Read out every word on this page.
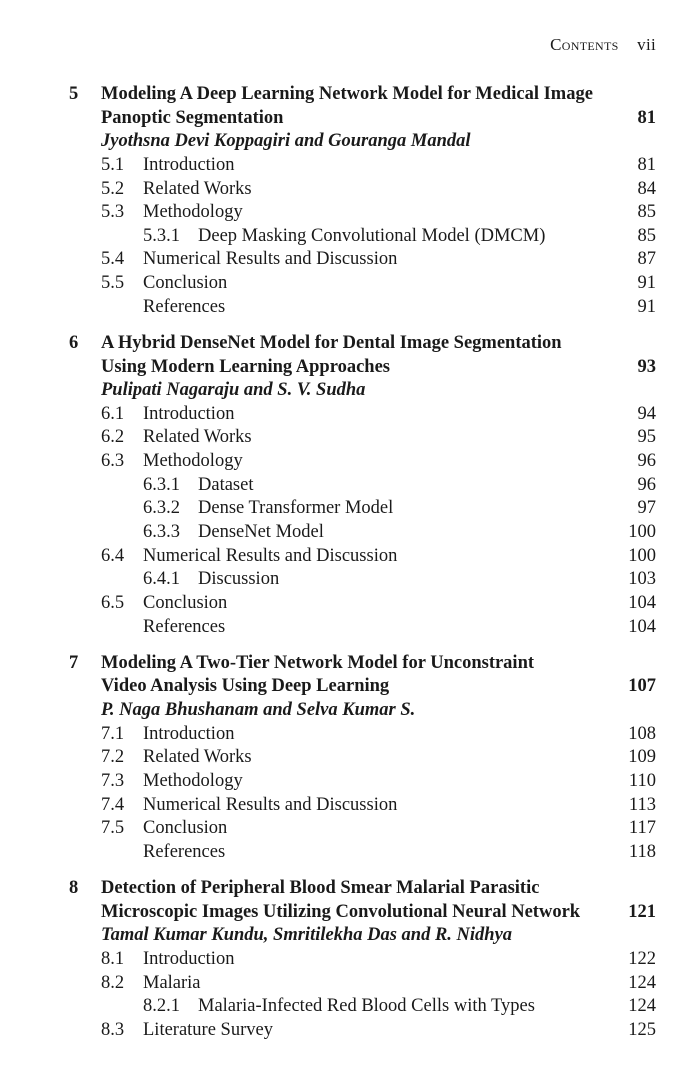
Contents vii
5 Modeling A Deep Learning Network Model for Medical Image
Panoptic Segmentation	81
Jyothsna Devi Koppagiri and Gouranga Mandal
5.1 Introduction	81
5.2 Related Works	84
5.3 Methodology	85
5.3.1 Deep Masking Convolutional Model (DMCM)	85
5.4 Numerical Results and Discussion	87
5.5 Conclusion	91
References	91
6 A Hybrid DenseNet Model for Dental Image Segmentation
Using Modern Learning Approaches	93
Pulipati Nagaraju and S. V. Sudha
6.1 Introduction	94
6.2 Related Works	95
6.3 Methodology	96
6.3.1 Dataset	96
6.3.2 Dense Transformer Model	97
6.3.3 DenseNet Model	100
6.4 Numerical Results and Discussion	100
6.4.1 Discussion	103
6.5 Conclusion	104
References	104
7 Modeling A Two-Tier Network Model for Unconstraint
Video Analysis Using Deep Learning	107
P. Naga Bhushanam and Selva Kumar S.
7.1 Introduction	108
7.2 Related Works	109
7.3 Methodology	110
7.4 Numerical Results and Discussion	113
7.5 Conclusion	117
References	118
8 Detection of Peripheral Blood Smear Malarial Parasitic
Microscopic Images Utilizing Convolutional Neural Network	121
Tamal Kumar Kundu, Smritilekha Das and R. Nidhya
8.1 Introduction	122
8.2 Malaria	124
8.2.1 Malaria-Infected Red Blood Cells with Types	124
8.3 Literature Survey	125
